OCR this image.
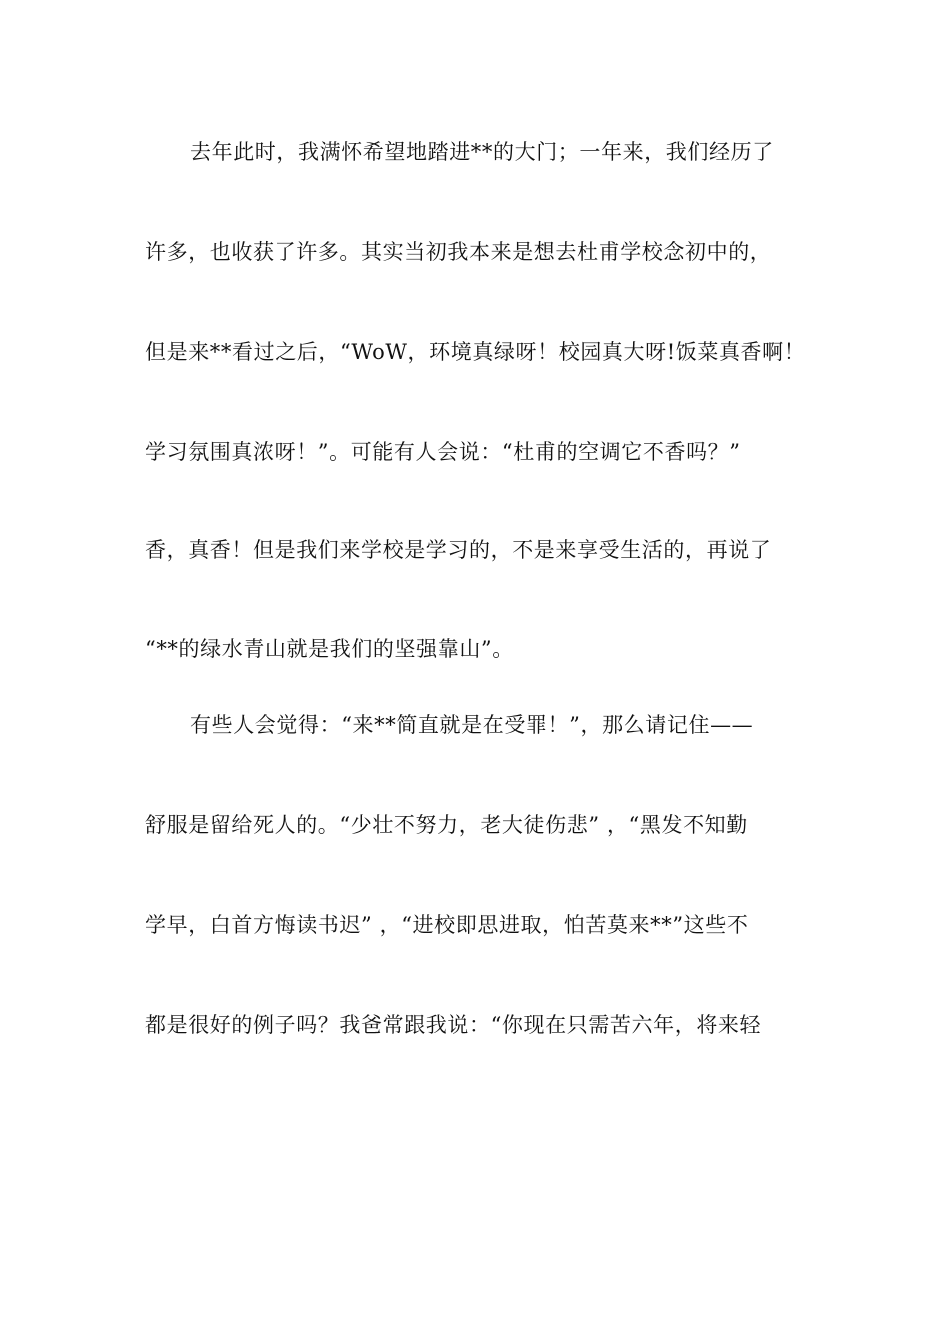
去年此时，我满怀希望地踏进**的大门；一年来，我们经历了
许多，也收获了许多。其实当初我本来是想去杜甫学校念初中的，
但是来**看过之后，“WoW，环境真绿呀！校园真大呀!饭菜真香啊！
学习氛围真浓呀！”。可能有人会说：“杜甫的空调它不香吗？”
香，真香！但是我们来学校是学习的，不是来享受生活的，再说了
“**的绿水青山就是我们的坚强靠山”。
有些人会觉得：“来**简直就是在受罪！”，那么请记住——
舒服是留给死人的。“少壮不努力，老大徒伤悲” ，“黑发不知勤
学早，白首方悔读书迟” ，“进校即思进取，怕苦莫来**”这些不
都是很好的例子吗？我爸常跟我说：“你现在只需苦六年，将来轻
